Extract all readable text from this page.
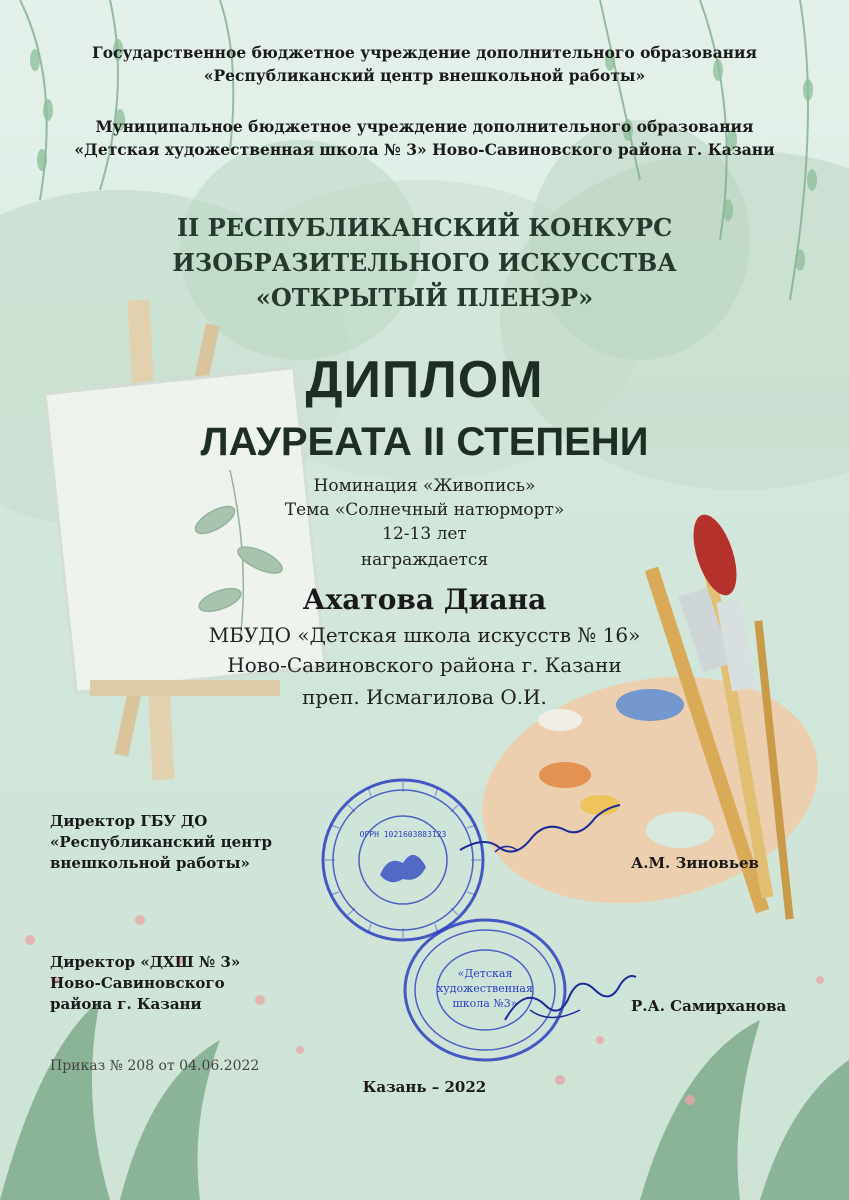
Государственное бюджетное учреждение дополнительного образования
«Республиканский центр внешкольной работы»
Муниципальное бюджетное учреждение дополнительного образования
«Детская художественная школа № 3» Ново-Савиновского района г. Казани
II РЕСПУБЛИКАНСКИЙ КОНКУРС
ИЗОБРАЗИТЕЛЬНОГО ИСКУССТВА
«ОТКРЫТЫЙ ПЛЕНЭР»
ДИПЛОМ
ЛАУРЕАТА II СТЕПЕНИ
Номинация «Живопись»
Тема «Солнечный натюрморт»
12-13 лет
награждается
Ахатова Диана
МБУДО «Детская школа искусств № 16»
Ново-Савиновского района г. Казани
преп. Исмагилова О.И.
Директор ГБУ ДО
«Республиканский центр
внешкольной работы»	А.М. Зиновьев
Директор «ДХШ № 3»
Ново-Савиновского
района г. Казани	Р.А. Самирханова
Приказ № 208 от 04.06.2022
Казань – 2022
ОГРН 1021603883123
«Детская
художественная
школа №3»
